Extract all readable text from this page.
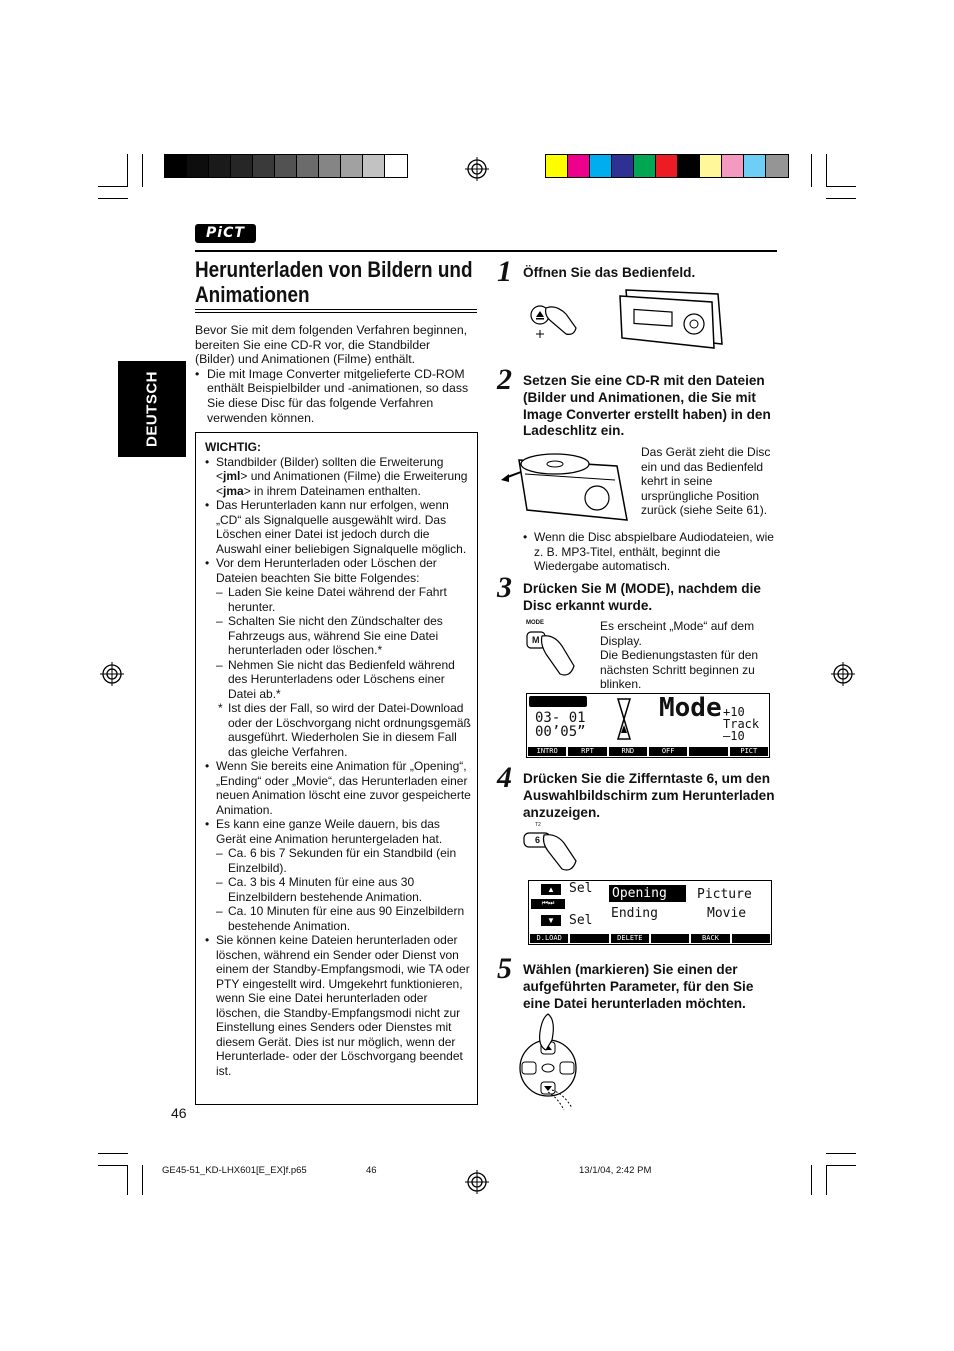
PiCT
Herunterladen von Bildern und
Animationen
DEUTSCH
Bevor Sie mit dem folgenden Verfahren beginnen,
bereiten Sie eine CD-R vor, die Standbilder
(Bilder) und Animationen (Filme) enthält.
• Die mit Image Converter mitgelieferte CD-ROM enthält Beispielbilder und -animationen, so dass Sie diese Disc für das folgende Verfahren verwenden können.
WICHTIG:
• Standbilder (Bilder) sollten die Erweiterung <jml> und Animationen (Filme) die Erweiterung <jma> in ihrem Dateinamen enthalten.
• Das Herunterladen kann nur erfolgen, wenn „CD“ als Signalquelle ausgewählt wird. Das Löschen einer Datei ist jedoch durch die Auswahl einer beliebigen Signalquelle möglich.
• Vor dem Herunterladen oder Löschen der Dateien beachten Sie bitte Folgendes:
– Laden Sie keine Datei während der Fahrt herunter.
– Schalten Sie nicht den Zündschalter des Fahrzeugs aus, während Sie eine Datei herunterladen oder löschen.*
– Nehmen Sie nicht das Bedienfeld während des Herunterladens oder Löschens einer Datei ab.*
* Ist dies der Fall, so wird der Datei-Download oder der Löschvorgang nicht ordnungsgemäß ausgeführt. Wiederholen Sie in diesem Fall das gleiche Verfahren.
• Wenn Sie bereits eine Animation für „Opening“, „Ending“ oder „Movie“, das Herunterladen einer neuen Animation löscht eine zuvor gespeicherte Animation.
• Es kann eine ganze Weile dauern, bis das Gerät eine Animation heruntergeladen hat.
– Ca. 6 bis 7 Sekunden für ein Standbild (ein Einzelbild).
– Ca. 3 bis 4 Minuten für eine aus 30 Einzelbildern bestehende Animation.
– Ca. 10 Minuten für eine aus 90 Einzelbildern bestehende Animation.
• Sie können keine Dateien herunterladen oder löschen, während ein Sender oder Dienst von einem der Standby-Empfangsmodi, wie TA oder PTY eingestellt wird. Umgekehrt funktionieren, wenn Sie eine Datei herunterladen oder löschen, die Standby-Empfangsmodi nicht zur Einstellung eines Senders oder Dienstes mit diesem Gerät. Dies ist nur möglich, wenn der Herunterlade- oder der Löschvorgang beendet ist.
46
1 Öffnen Sie das Bedienfeld.
2 Setzen Sie eine CD-R mit den Dateien (Bilder und Animationen, die Sie mit Image Converter erstellt haben) in den Ladeschlitz ein.
Das Gerät zieht die Disc ein und das Bedienfeld kehrt in seine ursprüngliche Position zurück (siehe Seite 61).
• Wenn die Disc abspielbare Audiodateien, wie z. B. MP3-Titel, enthält, beginnt die Wiedergabe automatisch.
3 Drücken Sie M (MODE), nachdem die Disc erkannt wurde.
MODE
M
Es erscheint „Mode“ auf dem Display.
Die Bedienungstasten für den nächsten Schritt beginnen zu blinken.
03- 01
00’05”
Mode +10
Track
–10
INTRO	RPT	RND	OFF	PICT
4 Drücken Sie die Zifferntaste 6, um den Auswahlbildschirm zum Herunterladen anzuzeigen.
T2
6
▲	Sel
⏮⏭
▼	Sel
Opening
Ending
Picture
Movie
D.LOAD	DELETE	BACK
5 Wählen (markieren) Sie einen der aufgeführten Parameter, für den Sie eine Datei herunterladen möchten.
GE45-51_KD-LHX601[E_EX]f.p65	46	13/1/04, 2:42 PM
